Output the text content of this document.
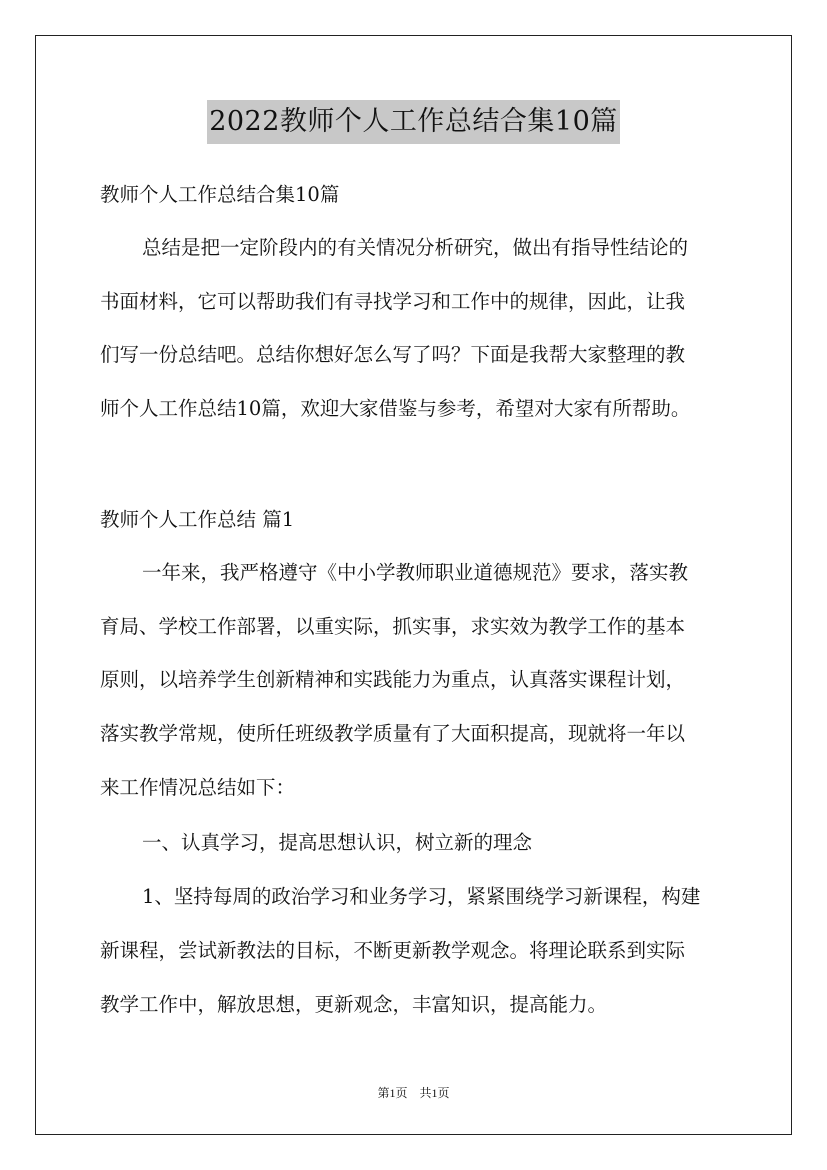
2022教师个人工作总结合集10篇
教师个人工作总结合集10篇
总结是把一定阶段内的有关情况分析研究，做出有指导性结论的
书面材料，它可以帮助我们有寻找学习和工作中的规律，因此，让我
们写一份总结吧。总结你想好怎么写了吗？下面是我帮大家整理的教
师个人工作总结10篇，欢迎大家借鉴与参考，希望对大家有所帮助。
教师个人工作总结 篇1
一年来，我严格遵守《中小学教师职业道德规范》要求，落实教
育局、学校工作部署，以重实际，抓实事，求实效为教学工作的基本
原则，以培养学生创新精神和实践能力为重点，认真落实课程计划，
落实教学常规，使所任班级教学质量有了大面积提高，现就将一年以
来工作情况总结如下：
一、认真学习，提高思想认识，树立新的理念
1、坚持每周的政治学习和业务学习，紧紧围绕学习新课程，构建
新课程，尝试新教法的目标，不断更新教学观念。将理论联系到实际
教学工作中，解放思想，更新观念，丰富知识，提高能力。
第1页 共1页
